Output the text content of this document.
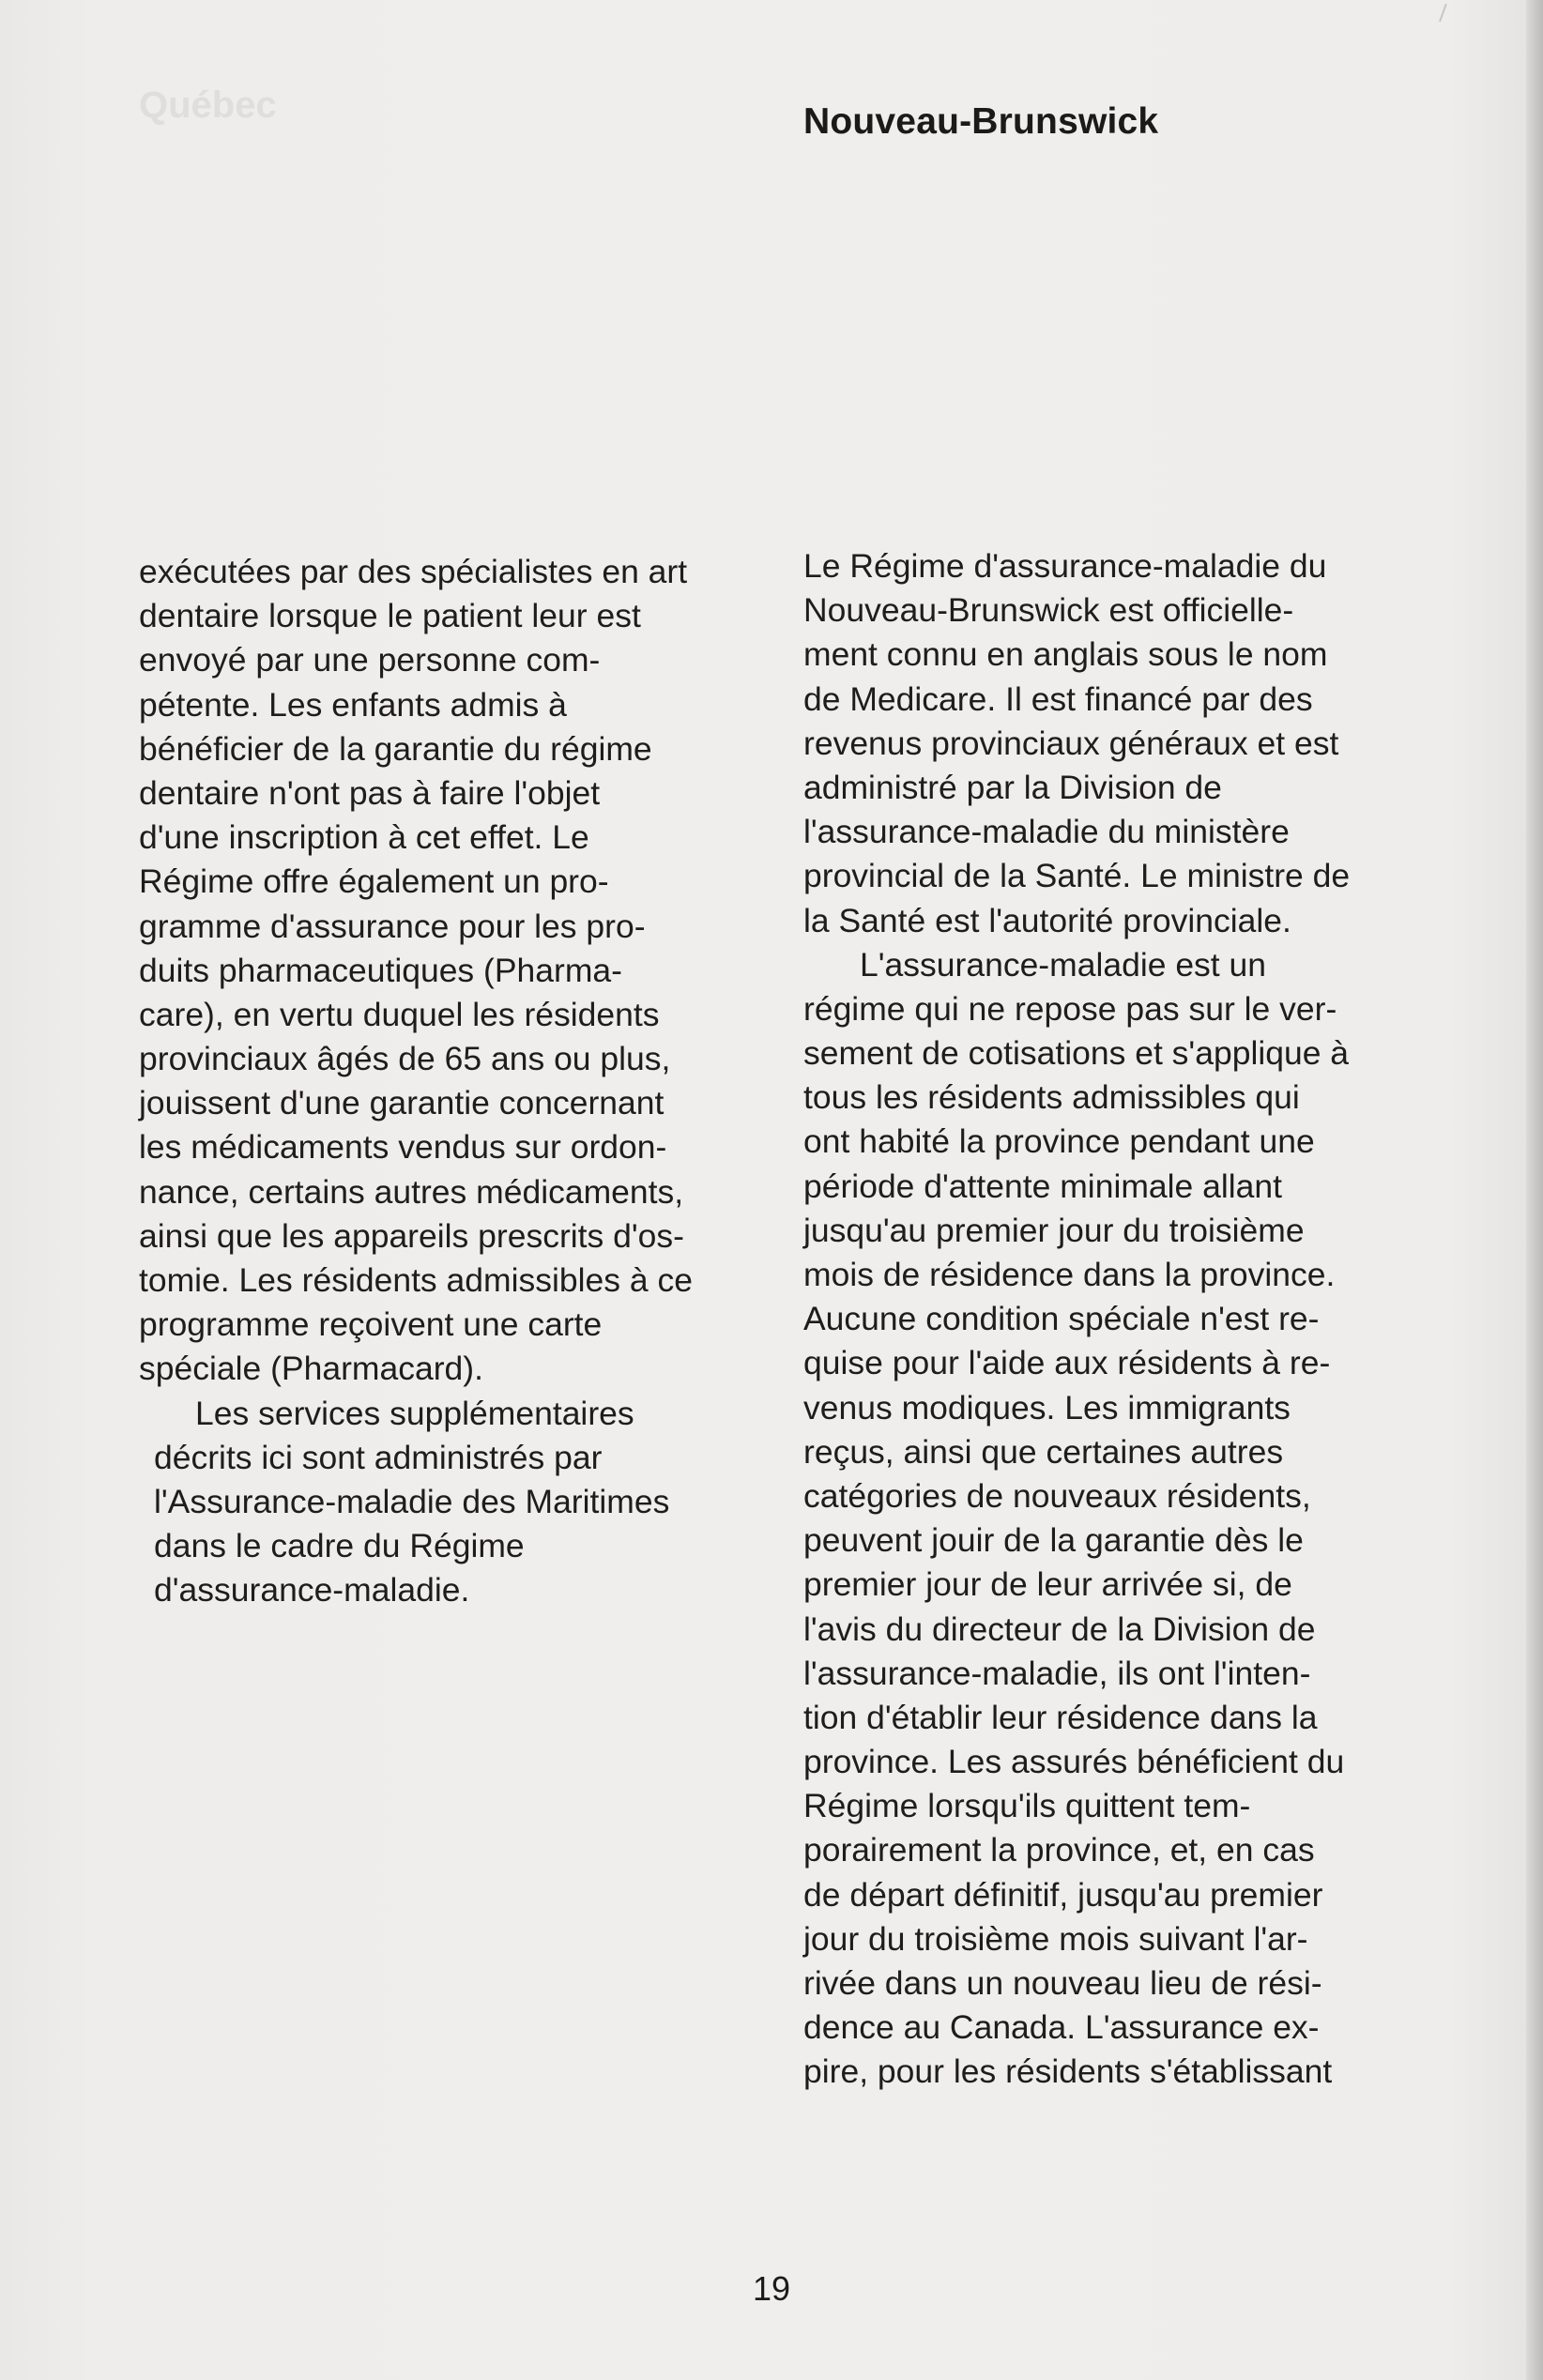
Québec	Nouveau-Brunswick
exécutées par des spécialistes en art
dentaire lorsque le patient leur est
envoyé par une personne com-
pétente. Les enfants admis à
bénéficier de la garantie du régime
dentaire n'ont pas à faire l'objet
d'une inscription à cet effet. Le
Régime offre également un pro-
gramme d'assurance pour les pro-
duits pharmaceutiques (Pharma-
care), en vertu duquel les résidents
provinciaux âgés de 65 ans ou plus,
jouissent d'une garantie concernant
les médicaments vendus sur ordon-
nance, certains autres médicaments,
ainsi que les appareils prescrits d'os-
tomie. Les résidents admissibles à ce
programme reçoivent une carte
spéciale (Pharmacard).
Les services supplémentaires
décrits ici sont administrés par
l'Assurance-maladie des Maritimes
dans le cadre du Régime
d'assurance-maladie.
Le Régime d'assurance-maladie du
Nouveau-Brunswick est officielle-
ment connu en anglais sous le nom
de Medicare. Il est financé par des
revenus provinciaux généraux et est
administré par la Division de
l'assurance-maladie du ministère
provincial de la Santé. Le ministre de
la Santé est l'autorité provinciale.
L'assurance-maladie est un
régime qui ne repose pas sur le ver-
sement de cotisations et s'applique à
tous les résidents admissibles qui
ont habité la province pendant une
période d'attente minimale allant
jusqu'au premier jour du troisième
mois de résidence dans la province.
Aucune condition spéciale n'est re-
quise pour l'aide aux résidents à re-
venus modiques. Les immigrants
reçus, ainsi que certaines autres
catégories de nouveaux résidents,
peuvent jouir de la garantie dès le
premier jour de leur arrivée si, de
l'avis du directeur de la Division de
l'assurance-maladie, ils ont l'inten-
tion d'établir leur résidence dans la
province. Les assurés bénéficient du
Régime lorsqu'ils quittent tem-
porairement la province, et, en cas
de départ définitif, jusqu'au premier
jour du troisième mois suivant l'ar-
rivée dans un nouveau lieu de rési-
dence au Canada. L'assurance ex-
pire, pour les résidents s'établissant
19
